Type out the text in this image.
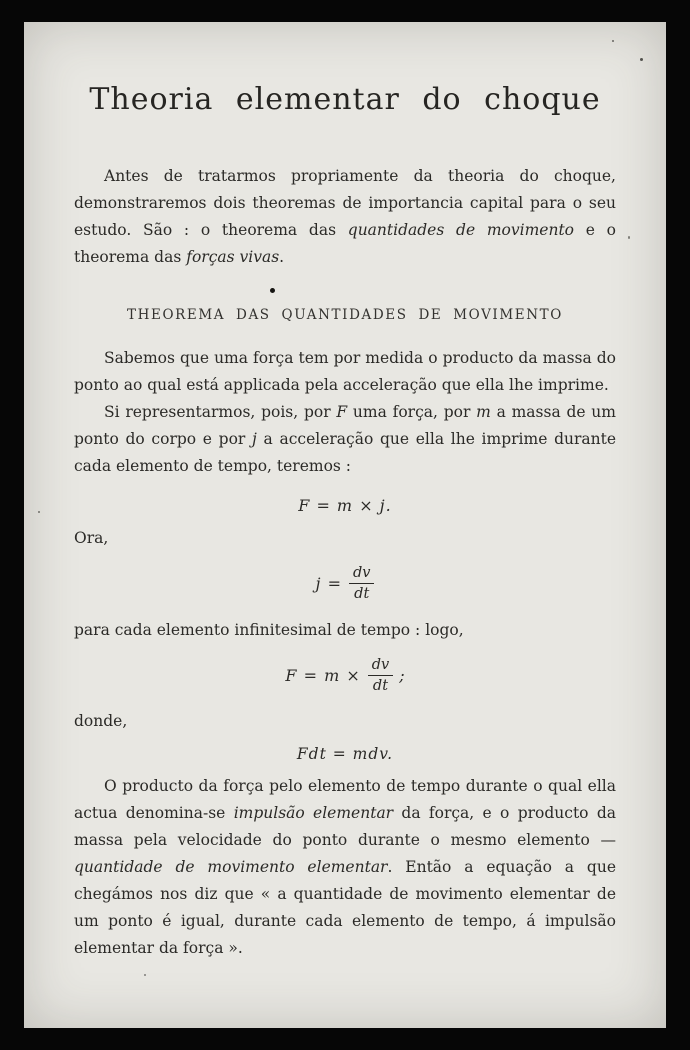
Theoria elementar do choque

Antes de tratarmos propriamente da theoria do choque, demonstraremos dois theoremas de importancia capital para o seu estudo. São : o theorema das quantidades de movimento e o theorema das forças vivas.

THEOREMA DAS QUANTIDADES DE MOVIMENTO

Sabemos que uma força tem por medida o producto da massa do ponto ao qual está applicada pela acceleração que ella lhe imprime.

Si representarmos, pois, por F uma força, por m a massa de um ponto do corpo e por j a acceleração que ella lhe imprime durante cada elemento de tempo, teremos :

F = m × j.

Ora,

$j = \frac{dv}{dt}$

para cada elemento infinitesimal de tempo : logo,

$F = m \times \frac{dv}{dt}$ ;

donde,

Fdt = mdv.

O producto da força pelo elemento de tempo durante o qual ella actua denomina-se impulsão elementar da força, e o producto da massa pela velocidade do ponto durante o mesmo elemento — quantidade de movimento elementar. Então a equação a que chegámos nos diz que « a quantidade de movimento elementar de um ponto é igual, durante cada elemento de tempo, á impulsão elementar da força ».
